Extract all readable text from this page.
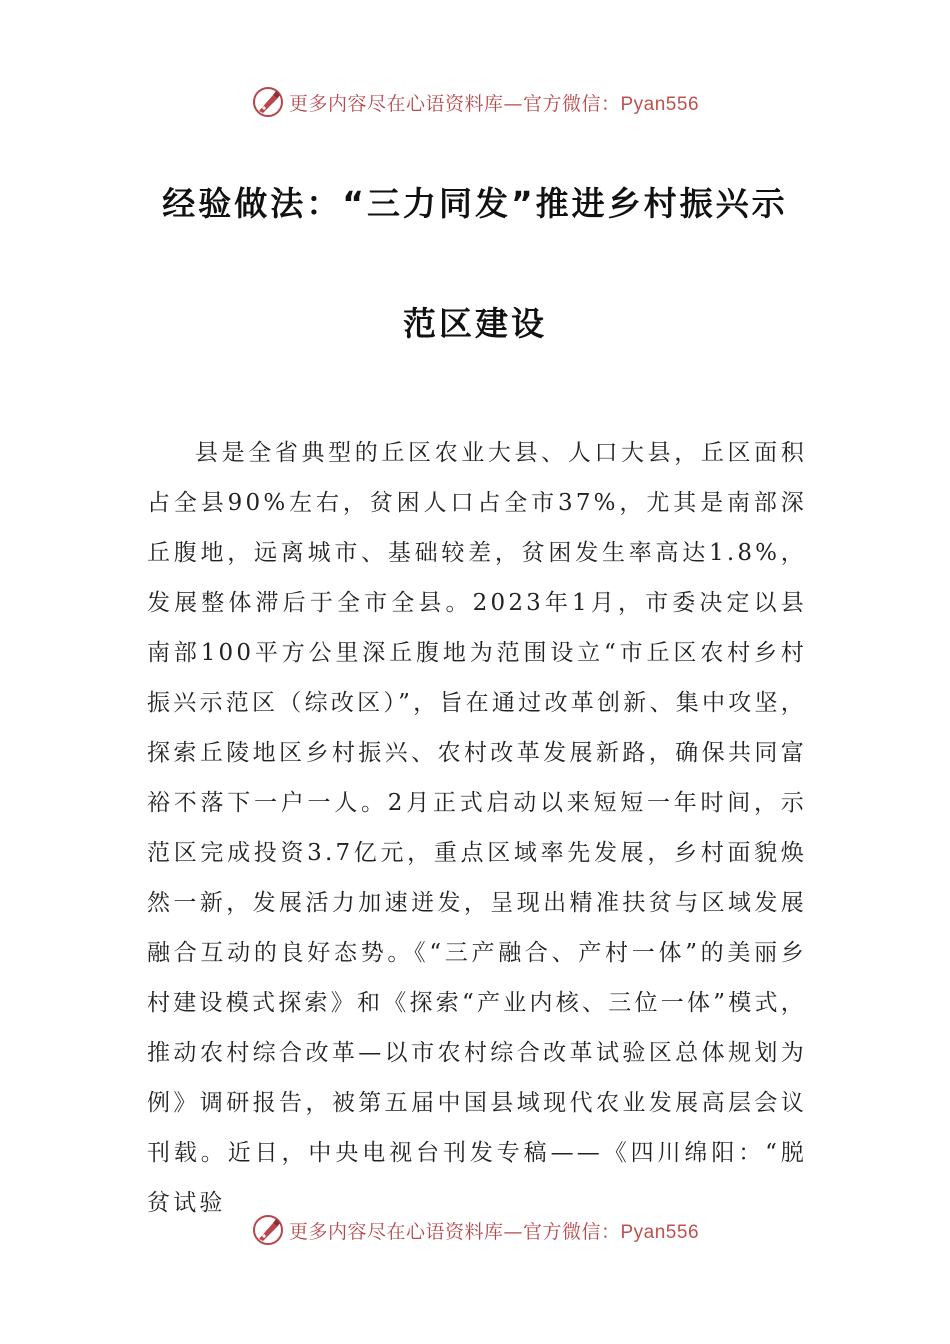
更多内容尽在心语资料库—官方微信：Pyan556
经验做法：“三力同发”推进乡村振兴示
范区建设

县是全省典型的丘区农业大县、人口大县，丘区面积占全县90%左右，贫困人口占全市37%，尤其是南部深丘腹地，远离城市、基础较差，贫困发生率高达1.8%，发展整体滞后于全市全县。2023年1月，市委决定以县南部100平方公里深丘腹地为范围设立“市丘区农村乡村振兴示范区（综改区）”，旨在通过改革创新、集中攻坚，探索丘陵地区乡村振兴、农村改革发展新路，确保共同富裕不落下一户一人。2月正式启动以来短短一年时间，示范区完成投资3.7亿元，重点区域率先发展，乡村面貌焕然一新，发展活力加速迸发，呈现出精准扶贫与区域发展融合互动的良好态势。《“三产融合、产村一体”的美丽乡村建设模式探索》和《探索“产业内核、三位一体”模式，推动农村综合改革—以市农村综合改革试验区总体规划为例》调研报告，被第五届中国县域现代农业发展高层会议刊载。近日，中央电视台刊发专稿——《四川绵阳：“脱贫试验

更多内容尽在心语资料库—官方微信：Pyan556
